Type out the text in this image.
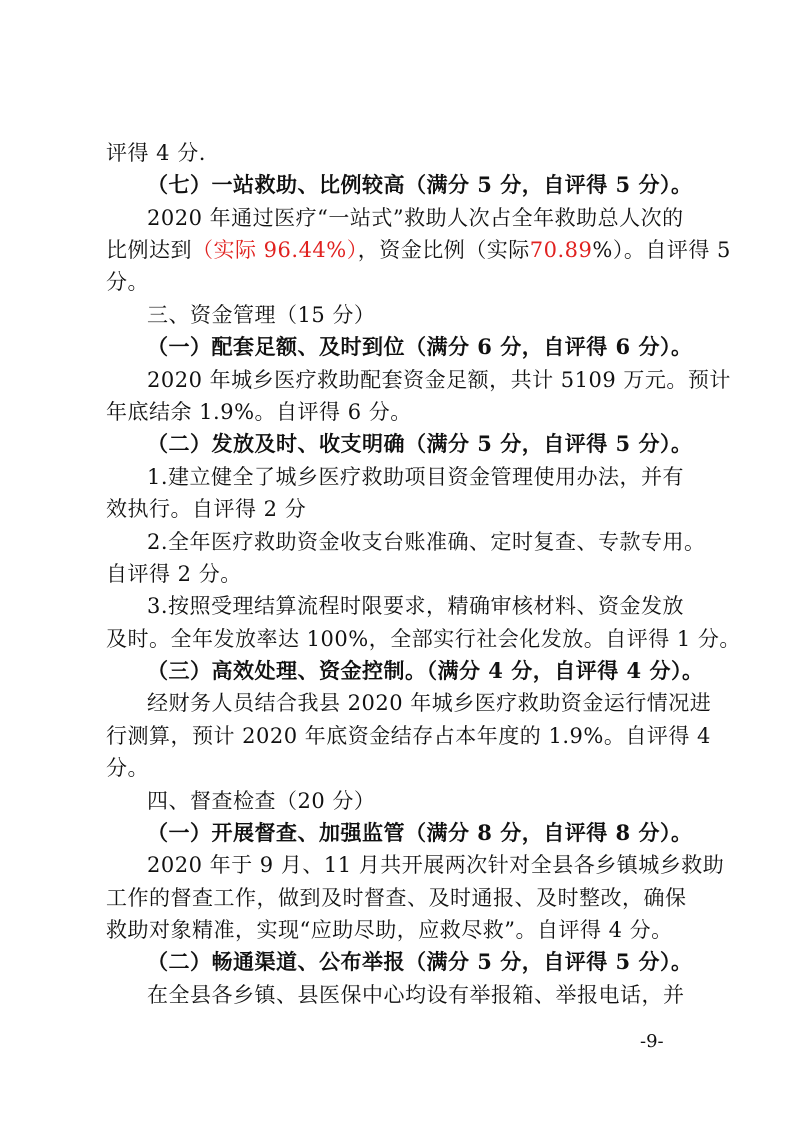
评得 4 分.
（七）一站救助、比例较高（满分 5 分，自评得 5 分）。
2020 年通过医疗“一站式”救助人次占全年救助总人次的
比例达到（实际 96.44%），资金比例（实际70.89%）。自评得 5
分。
三、资金管理（15 分）
（一）配套足额、及时到位（满分 6 分，自评得 6 分）。
2020 年城乡医疗救助配套资金足额，共计 5109 万元。预计
年底结余 1.9%。自评得 6 分。
（二）发放及时、收支明确（满分 5 分，自评得 5 分）。
1.建立健全了城乡医疗救助项目资金管理使用办法，并有
效执行。自评得 2 分
2.全年医疗救助资金收支台账准确、定时复查、专款专用。
自评得 2 分。
3.按照受理结算流程时限要求，精确审核材料、资金发放
及时。全年发放率达 100%，全部实行社会化发放。自评得 1 分。
（三）高效处理、资金控制。（满分 4 分，自评得 4 分）。
经财务人员结合我县 2020 年城乡医疗救助资金运行情况进
行测算，预计 2020 年底资金结存占本年度的 1.9%。自评得 4
分。
四、督查检查（20 分）
（一）开展督查、加强监管（满分 8 分，自评得 8 分）。
2020 年于 9 月、11 月共开展两次针对全县各乡镇城乡救助
工作的督查工作，做到及时督查、及时通报、及时整改，确保
救助对象精准，实现“应助尽助，应救尽救”。自评得 4 分。
（二）畅通渠道、公布举报（满分 5 分，自评得 5 分）。
在全县各乡镇、县医保中心均设有举报箱、举报电话，并
-9-
